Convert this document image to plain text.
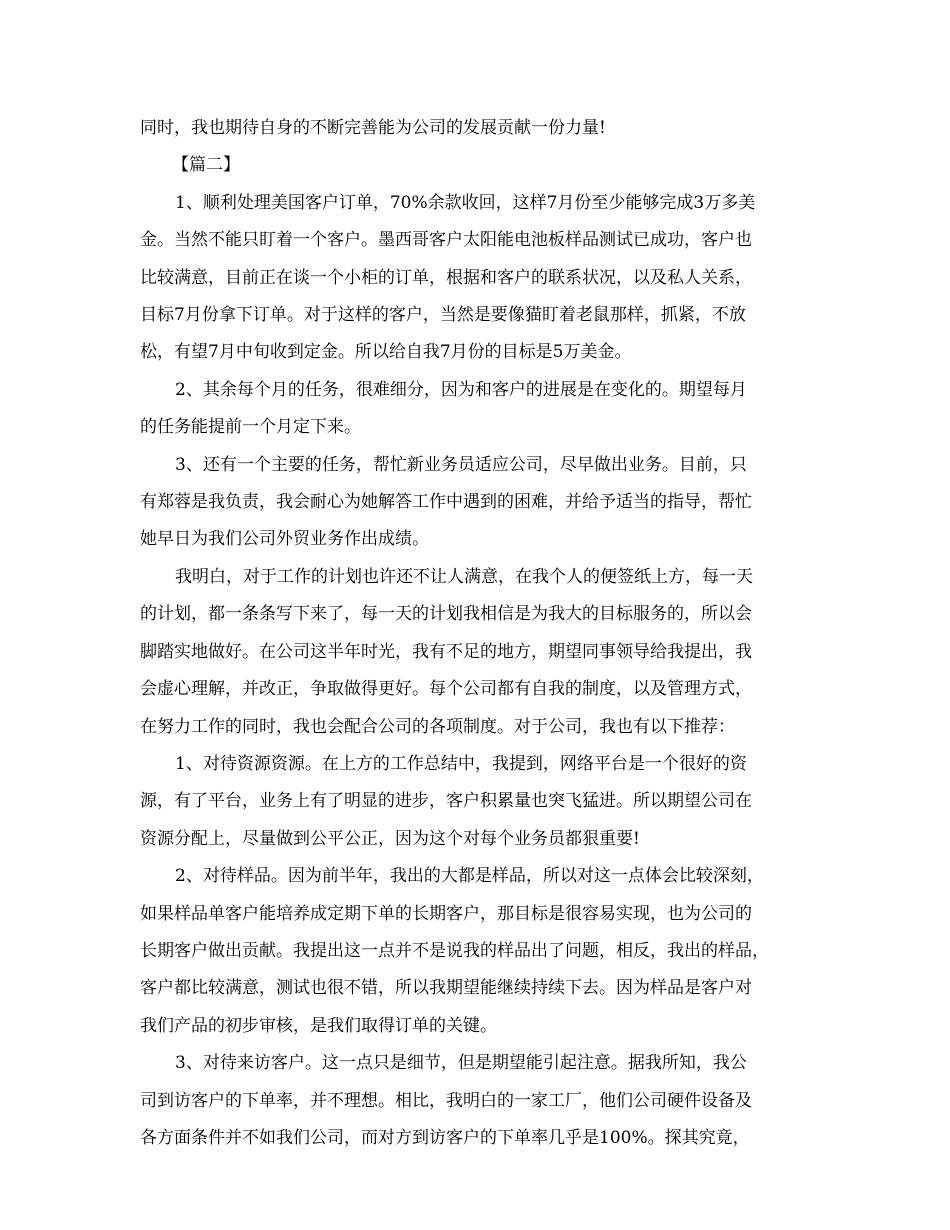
同时，我也期待自身的不断完善能为公司的发展贡献一份力量!

【篇二】

1、顺利处理美国客户订单，70%余款收回，这样7月份至少能够完成3万多美

金。当然不能只盯着一个客户。墨西哥客户太阳能电池板样品测试已成功，客户也

比较满意，目前正在谈一个小柜的订单，根据和客户的联系状况，以及私人关系，

目标7月份拿下订单。对于这样的客户，当然是要像猫盯着老鼠那样，抓紧，不放

松，有望7月中旬收到定金。所以给自我7月份的目标是5万美金。

2、其余每个月的任务，很难细分，因为和客户的进展是在变化的。期望每月

的任务能提前一个月定下来。

3、还有一个主要的任务，帮忙新业务员适应公司，尽早做出业务。目前，只

有郑蓉是我负责，我会耐心为她解答工作中遇到的困难，并给予适当的指导，帮忙

她早日为我们公司外贸业务作出成绩。

我明白，对于工作的计划也许还不让人满意，在我个人的便签纸上方，每一天

的计划，都一条条写下来了，每一天的计划我相信是为我大的目标服务的，所以会

脚踏实地做好。在公司这半年时光，我有不足的地方，期望同事领导给我提出，我

会虚心理解，并改正，争取做得更好。每个公司都有自我的制度，以及管理方式，

在努力工作的同时，我也会配合公司的各项制度。对于公司，我也有以下推荐：

1、对待资源资源。在上方的工作总结中，我提到，网络平台是一个很好的资

源，有了平台，业务上有了明显的进步，客户积累量也突飞猛进。所以期望公司在

资源分配上，尽量做到公平公正，因为这个对每个业务员都狠重要!

2、对待样品。因为前半年，我出的大都是样品，所以对这一点体会比较深刻，

如果样品单客户能培养成定期下单的长期客户，那目标是很容易实现，也为公司的

长期客户做出贡献。我提出这一点并不是说我的样品出了问题，相反，我出的样品，

客户都比较满意，测试也很不错，所以我期望能继续持续下去。因为样品是客户对

我们产品的初步审核，是我们取得订单的关键。

3、对待来访客户。这一点只是细节，但是期望能引起注意。据我所知，我公

司到访客户的下单率，并不理想。相比，我明白的一家工厂，他们公司硬件设备及

各方面条件并不如我们公司，而对方到访客户的下单率几乎是100%。探其究竟，
